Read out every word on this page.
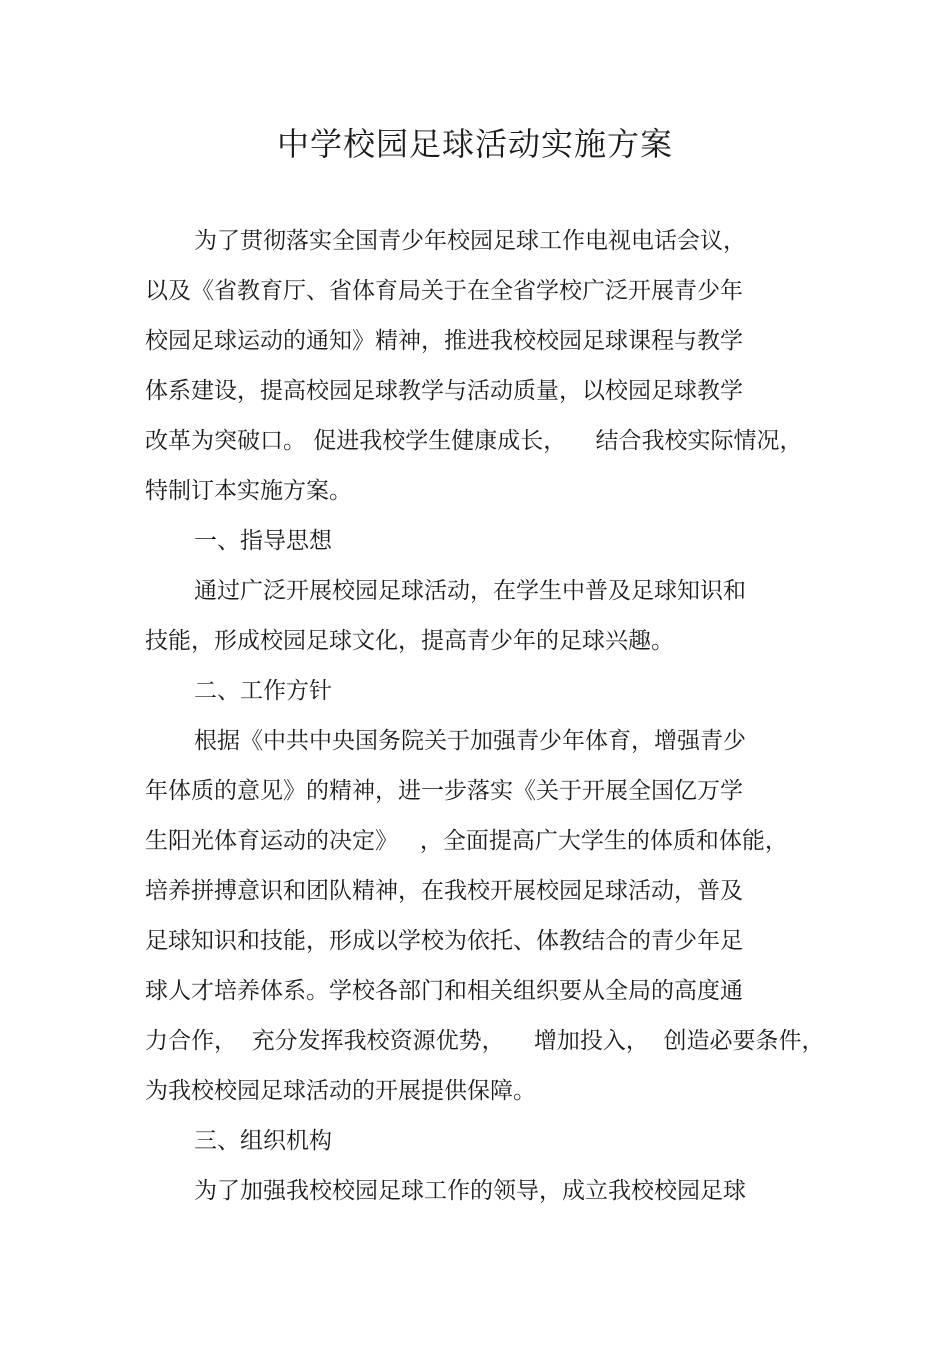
中学校园足球活动实施方案
为了贯彻落实全国青少年校园足球工作电视电话会议，
以及《省教育厅、省体育局关于在全省学校广泛开展青少年
校园足球运动的通知》精神，推进我校校园足球课程与教学
体系建设，提高校园足球教学与活动质量，以校园足球教学
改革为突破口。 促进我校学生健康成长，    结合我校实际情况，
特制订本实施方案。
一、指导思想
通过广泛开展校园足球活动，在学生中普及足球知识和
技能，形成校园足球文化，提高青少年的足球兴趣。
二、工作方针
根据《中共中央国务院关于加强青少年体育，增强青少
年体质的意见》的精神，进一步落实《关于开展全国亿万学
生阳光体育运动的决定》   ，全面提高广大学生的体质和体能，
培养拼搏意识和团队精神，在我校开展校园足球活动，普及
足球知识和技能，形成以学校为依托、体教结合的青少年足
球人才培养体系。学校各部门和相关组织要从全局的高度通
力合作，  充分发挥我校资源优势，    增加投入，  创造必要条件，
为我校校园足球活动的开展提供保障。
三、组织机构
为了加强我校校园足球工作的领导，成立我校校园足球
